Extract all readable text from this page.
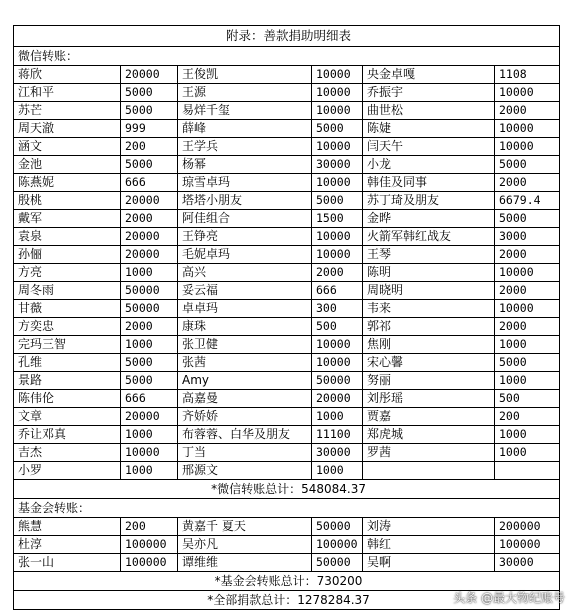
附录：善款捐助明细表					
微信转账：					
蒋欣	20000	王俊凯	10000	央金卓嘎	1108
江和平	5000	王源	10000	乔振宇	10000
苏芒	5000	易烊千玺	10000	曲世松	2000
周天澈	999	薛峰	5000	陈婕	10000
涵文	200	王学兵	10000	闫天午	10000
金池	5000	杨幂	30000	小龙	5000
陈燕妮	666	琼雪卓玛	10000	韩佳及同事	2000
殷桃	20000	塔塔小朋友	5000	苏丁琦及朋友	6679.4
戴军	2000	阿佳组合	1500	金晔	5000
袁泉	20000	王铮亮	10000	火箭军韩红战友	3000
孙俪	20000	毛妮卓玛	10000	王琴	2000
方亮	1000	高兴	2000	陈明	10000
周冬雨	50000	妥云福	666	周晓明	2000
甘薇	50000	卓卓玛	300	韦来	10000
方奕忠	2000	康珠	500	郭祁	2000
完玛三智	1000	张卫健	10000	焦刚	1000
孔维	5000	张茜	10000	宋心馨	5000
景路	5000	Amy	50000	努丽	1000
陈伟伦	666	高嘉曼	20000	刘彤瑶	500
文章	20000	齐娇娇	1000	贾嘉	200
乔让邓真	1000	布蓉蓉、白华及朋友	11100	郑虎城	1000
吉杰	10000	丁当	30000	罗茜	1000
小罗	1000	邢源文	1000		
*微信转账总计：548084.37					
基金会转账：					
熊慧	200	黄嘉千 夏天	50000	刘涛	200000
杜淳	100000	吴亦凡	100000	韩红	100000
张一山	100000	谭维维	50000	吴啊	30000
*基金会转账总计：730200					
*全部捐款总计：1278284.37						头条 @最大物纪账号
